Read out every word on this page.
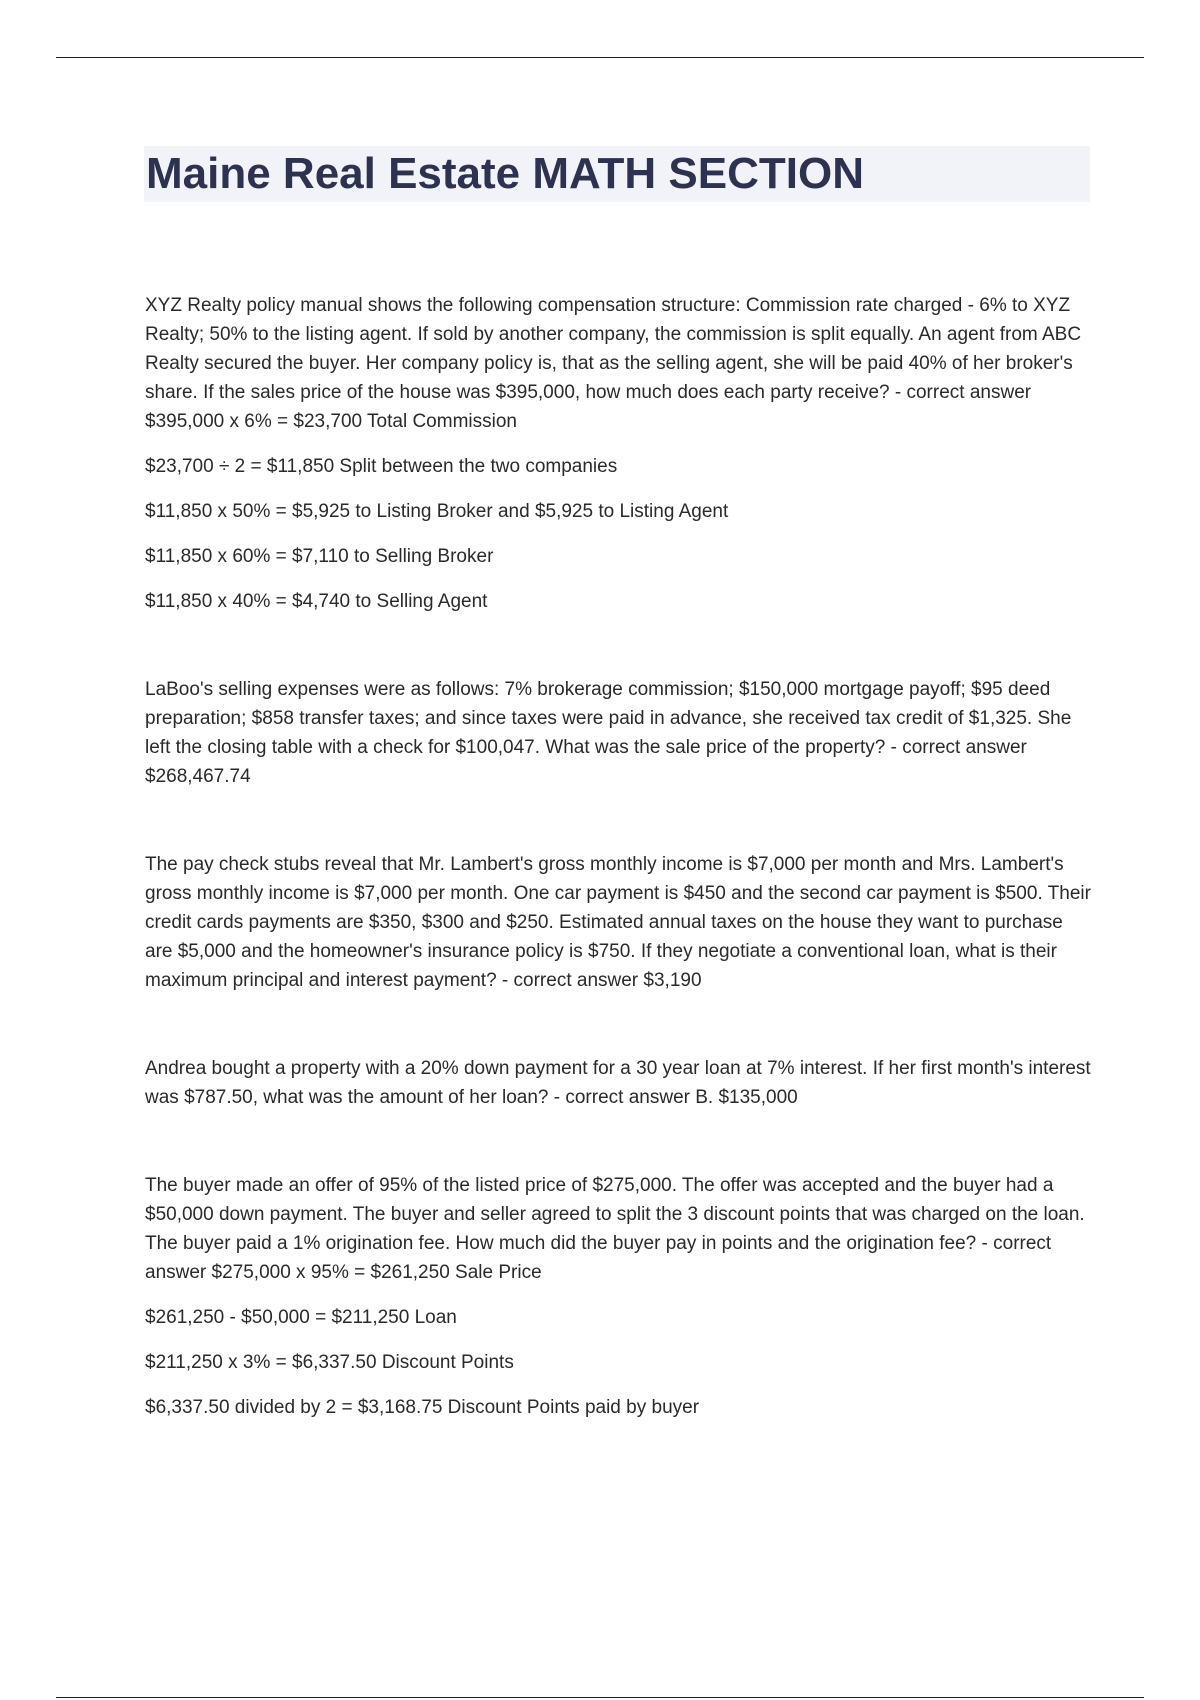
Maine Real Estate MATH SECTION

XYZ Realty policy manual shows the following compensation structure: Commission rate charged - 6% to XYZ Realty; 50% to the listing agent. If sold by another company, the commission is split equally. An agent from ABC Realty secured the buyer. Her company policy is, that as the selling agent, she will be paid 40% of her broker's share. If the sales price of the house was $395,000, how much does each party receive? - correct answer $395,000 x 6% = $23,700 Total Commission

$23,700 ÷ 2 = $11,850 Split between the two companies

$11,850 x 50% = $5,925 to Listing Broker and $5,925 to Listing Agent

$11,850 x 60% = $7,110 to Selling Broker

$11,850 x 40% = $4,740 to Selling Agent

LaBoo's selling expenses were as follows: 7% brokerage commission; $150,000 mortgage payoff; $95 deed preparation; $858 transfer taxes; and since taxes were paid in advance, she received tax credit of $1,325. She left the closing table with a check for $100,047. What was the sale price of the property? - correct answer $268,467.74

The pay check stubs reveal that Mr. Lambert's gross monthly income is $7,000 per month and Mrs. Lambert's gross monthly income is $7,000 per month. One car payment is $450 and the second car payment is $500. Their credit cards payments are $350, $300 and $250. Estimated annual taxes on the house they want to purchase are $5,000 and the homeowner's insurance policy is $750. If they negotiate a conventional loan, what is their maximum principal and interest payment? - correct answer $3,190

Andrea bought a property with a 20% down payment for a 30 year loan at 7% interest. If her first month's interest was $787.50, what was the amount of her loan? - correct answer B. $135,000

The buyer made an offer of 95% of the listed price of $275,000. The offer was accepted and the buyer had a $50,000 down payment. The buyer and seller agreed to split the 3 discount points that was charged on the loan. The buyer paid a 1% origination fee. How much did the buyer pay in points and the origination fee? - correct answer $275,000 x 95% = $261,250 Sale Price

$261,250 - $50,000 = $211,250 Loan

$211,250 x 3% = $6,337.50 Discount Points

$6,337.50 divided by 2 = $3,168.75 Discount Points paid by buyer
